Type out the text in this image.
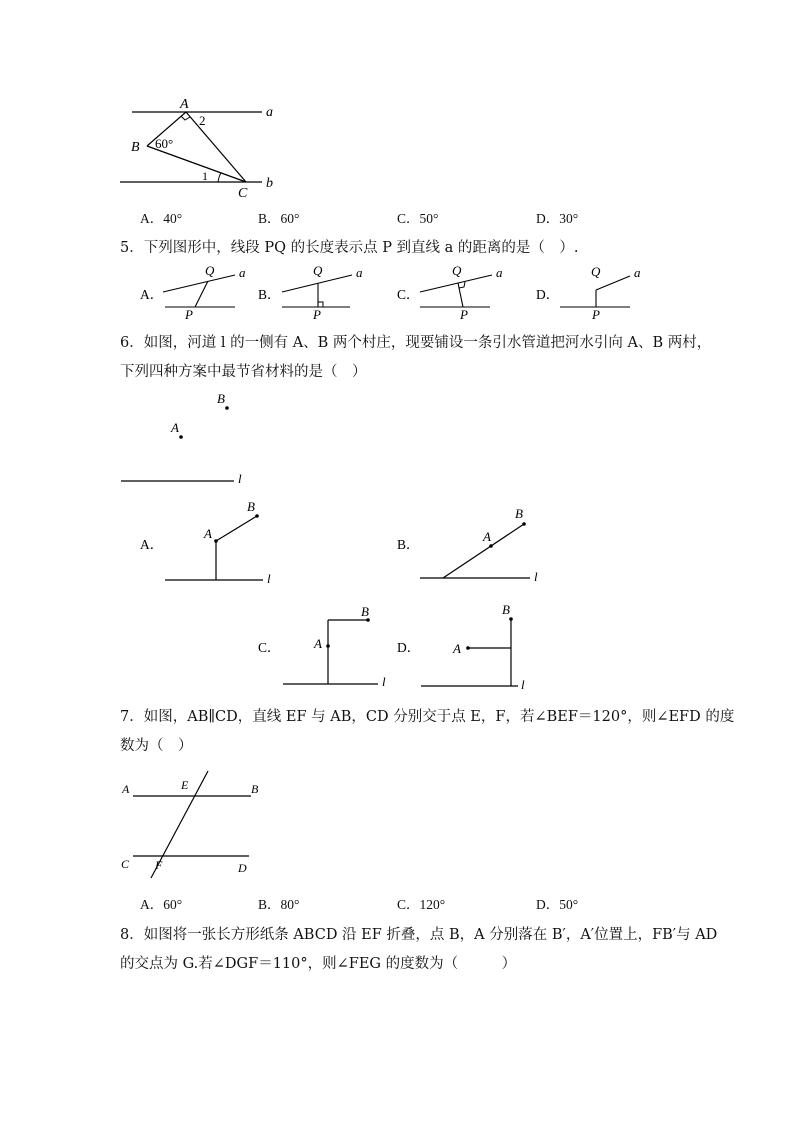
a
b
A
B
C
60°
1
2
A．40°	B．60°	C．50°	D．30°
5．下列图形中，线段 PQ 的长度表示点 P 到直线 a 的距离的是（　）.
A．
Q a
P
B．
Q	a
P
C．
Q	a
P
D．
Q	a
P
6．如图，河道 l 的一侧有 A、B 两个村庄，现要铺设一条引水管道把河水引向 A、B 两村，
下列四种方案中最节省材料的是（　）
B
A
l
A．
A
B
l
B．
A
B
l
C．	A
B
l
D．	A
B
l
7．如图，AB∥CD，直线 EF 与 AB，CD 分别交于点 E，F，若∠BEF＝120°，则∠EFD 的度
数为（　）
A	E	B
C F	D
A．60°	B．80°	C．120°	D．50°
8．如图将一张长方形纸条 ABCD 沿 EF 折叠，点 B，A 分别落在 B′，A′位置上，FB′与 AD
的交点为 G.若∠DGF＝110°，则∠FEG 的度数为（　　　）
